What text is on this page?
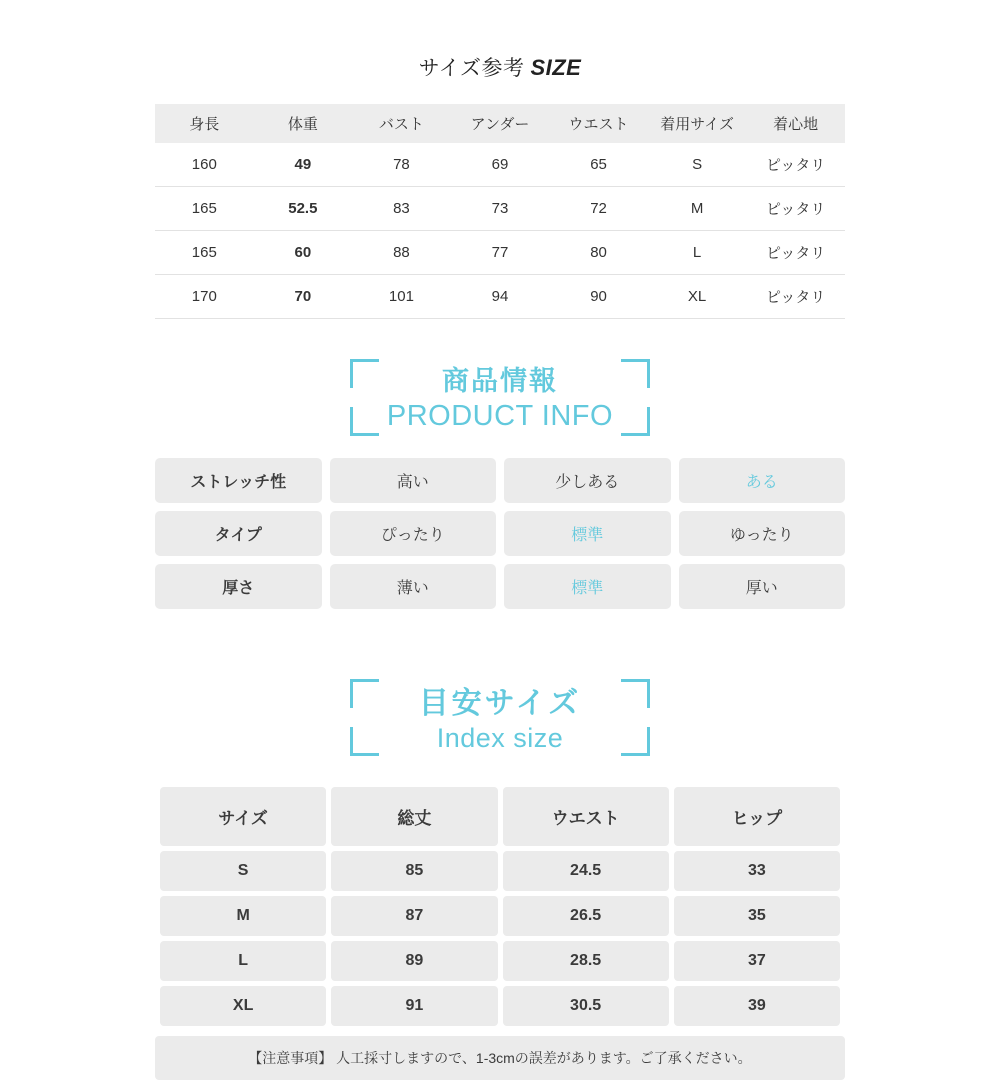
サイズ参考 SIZE
身長	体重	バスト	アンダー	ウエスト	着用サイズ	着心地
160	49	78	69	65	S	ピッタリ
165	52.5	83	73	72	M	ピッタリ
165	60	88	77	80	L	ピッタリ
170	70	101	94	90	XL	ピッタリ
商品情報
PRODUCT INFO
ストレッチ性	高い	少しある	ある
タイプ	ぴったり	標準	ゆったり
厚さ	薄い	標準	厚い
目安サイズ
Index size
サイズ	総丈	ウエスト	ヒップ
S	85	24.5	33
M	87	26.5	35
L	89	28.5	37
XL	91	30.5	39
【注意事項】 人工採寸しますので、1-3cmの誤差があります。ご了承ください。
